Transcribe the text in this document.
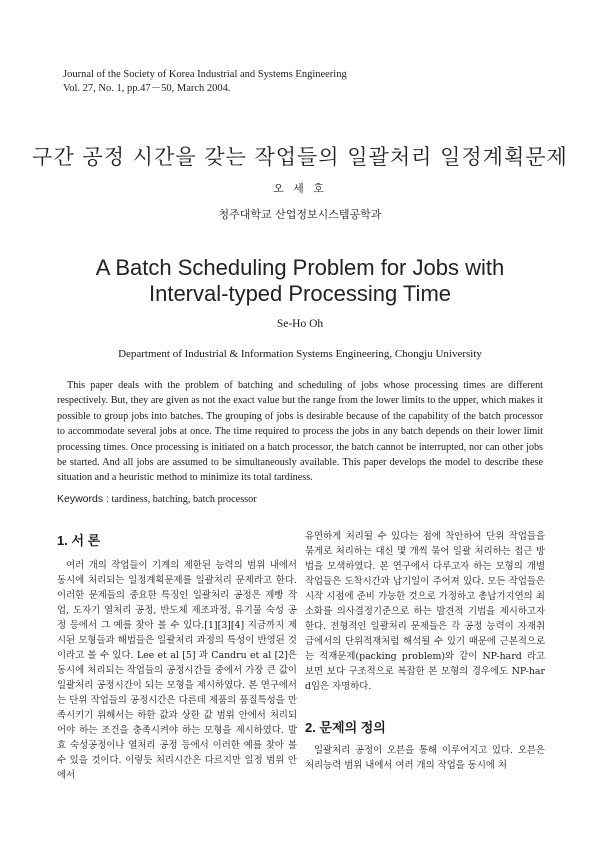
Journal of the Society of Korea Industrial and Systems Engineering
Vol. 27, No. 1, pp.47－50, March 2004.
구간 공정 시간을 갖는 작업들의 일괄처리 일정계획문제
오 세 호
청주대학교 산업정보시스템공학과
A Batch Scheduling Problem for Jobs with
Interval-typed Processing Time
Se-Ho Oh
Department of Industrial & Information Systems Engineering, Chongju University

This paper deals with the problem of batching and scheduling of jobs whose processing times are different respectively. But, they are given as not the exact value but the range from the lower limits to the upper, which makes it possible to group jobs into batches. The grouping of jobs is desirable because of the capability of the batch processor to accommodate several jobs at once. The time required to process the jobs in any batch depends on their lower limit processing times. Once processing is initiated on a batch processor, the batch cannot be interrupted, nor can other jobs be started. And all jobs are assumed to be simultaneously available. This paper develops the model to describe these situation and a heuristic method to minimize its total tardiness.

Keywords : tardiness, batching, batch processor
1. 서 론

여러 개의 작업들이 기계의 제한된 능력의 범위 내에서 동시에 처리되는 일정계획문제를 일괄처리 문제라고 한다. 이러한 문제들의 중요한 특징인 일괄처리 공정은 제빵 작업, 도자기 열처리 공정, 반도체 제조과정, 유기물 숙성 공정 등에서 그 예를 찾아 볼 수 있다.[1][3][4] 지금까지 제시된 모형들과 해법들은 일괄처리 과정의 특성이 반영된 것이라고 볼 수 있다. Lee et al [5] 과 Candru et al [2]은 동시에 처리되는 작업들의 공정시간들 중에서 가장 큰 값이 일괄처리 공정시간이 되는 모형을 제시하였다. 본 연구에서는 단위 작업들의 공정시간은 다른데 제품의 품질특성을 만족시키기 위해서는 하한 값과 상한 값 범위 안에서 처리되어야 하는 조건을 충족시켜야 하는 모형을 제시하였다. 발효 숙성공정이나 열처리 공정 등에서 이러한 예를 찾아 볼 수 있을 것이다. 이렇듯 처리시간은 다르지만 일정 범위 안에서

유연하게 처리될 수 있다는 점에 착안하여 단위 작업들을 묶게로 처리하는 대신 몇 개씩 묶어 일괄 처리하는 접근 방법을 모색하였다. 본 연구에서 다루고자 하는 모형의 개별 작업들은 도착시간과 납기일이 주어져 있다. 모든 작업들은 시작 시점에 준비 가능한 것으로 가정하고 총납기지연의 최소화를 의사결정기준으로 하는 발견적 기법을 제시하고자 한다. 전형적인 일괄처리 문제들은 각 공정 능력이 자재취급에서의 단위적재처럼 해석될 수 있기 때문에 근본적으로는 적재문제(packing problem)와 같이 NP-hard 라고 보면 보다 구조적으로 복잡한 본 모형의 경우에도 NP-hard임은 자명하다.

2. 문제의 정의

일괄처리 공정이 오븐을 통해 이루어지고 있다. 오븐은 처리능력 범위 내에서 여러 개의 작업을 동시에 처
